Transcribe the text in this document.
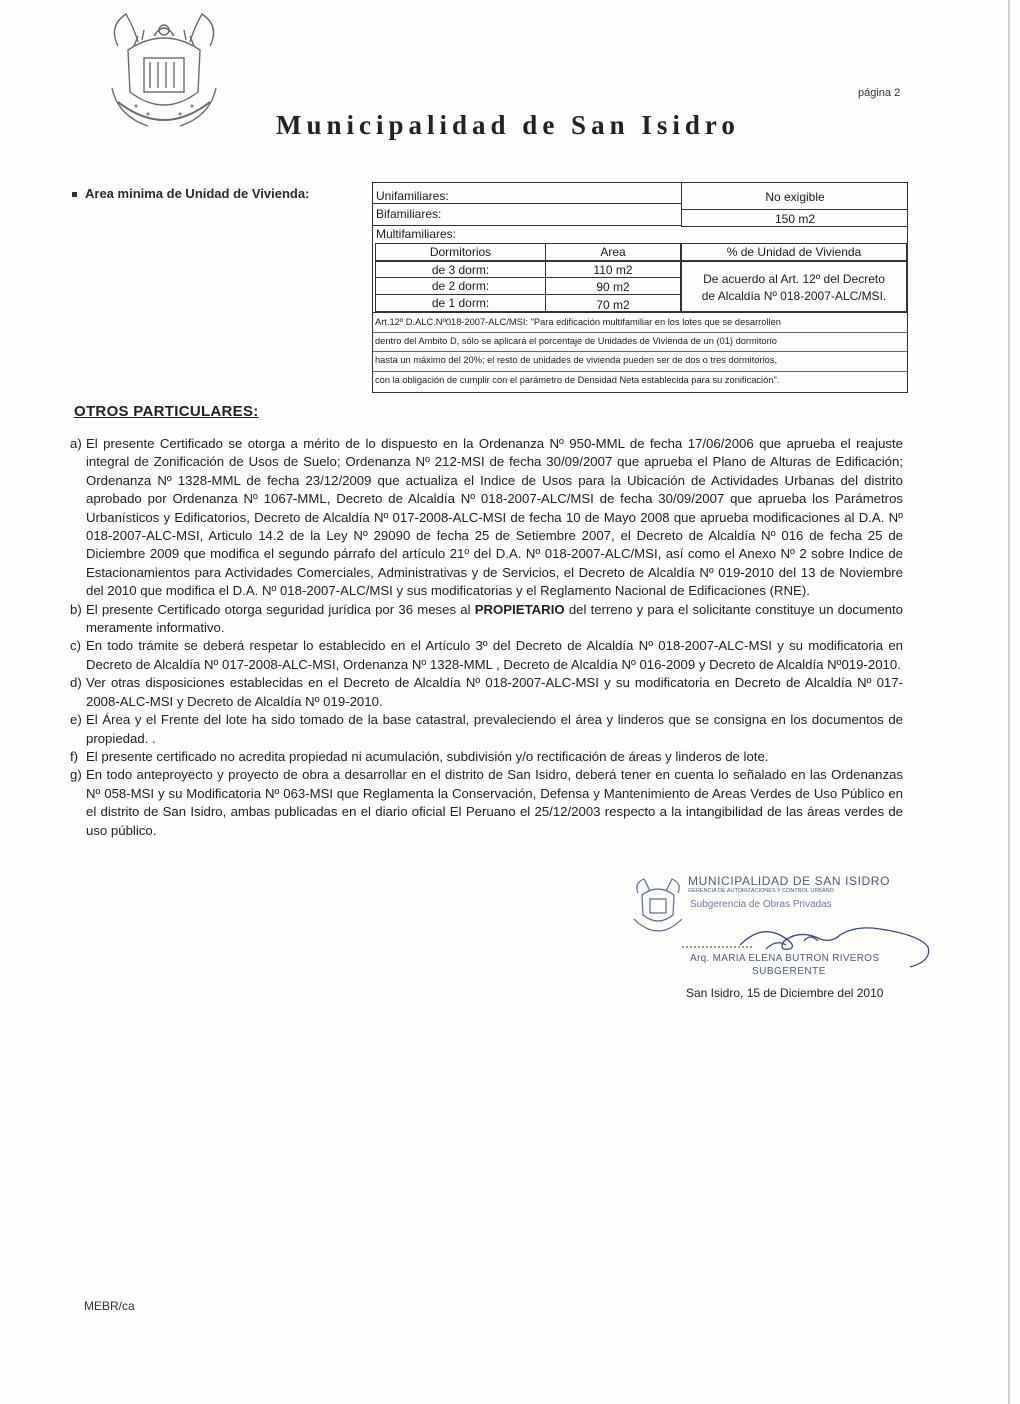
página 2
Municipalidad de San Isidro
Area minima de Unidad de Vivienda:	Unifamiliares:	No exigible
Bifamiliares:	150 m2
Multifamiliares:
Dormitorios	Area	% de Unidad de Vivienda
de 3 dorm:	110 m2
de 2 dorm:	90 m2
de 1 dorm:	70 m2
De acuerdo al Art. 12º del Decreto
de Alcaldía Nº 018-2007-ALC/MSI.
Art.12º D.ALC.Nº018-2007-ALC/MSI: "Para edificación multifamiliar en los lotes que se desarrollen
dentro del Ambito D, sólo se aplicará el porcentaje de Unidades de Vivienda de un (01) dormitorio
hasta un máximo del 20%; el resto de unidades de vivienda pueden ser de dos o tres dormitorios,
con la obligación de cumplir con el parámetro de Densidad Neta establecida para su zonificación".
OTROS PARTICULARES:
a) El presente Certificado se otorga a mérito de lo dispuesto en la Ordenanza Nº 950-MML de fecha 17/06/2006 que aprueba el reajuste integral de Zonificación de Usos de Suelo; Ordenanza Nº 212-MSI de fecha 30/09/2007 que aprueba el Plano de Alturas de Edificación; Ordenanza Nº 1328-MML de fecha 23/12/2009 que actualiza el Indice de Usos para la Ubicación de Actividades Urbanas del distrito aprobado por Ordenanza Nº 1067-MML, Decreto de Alcaldía Nº 018-2007-ALC/MSI de fecha 30/09/2007 que aprueba los Parámetros Urbanísticos y Edificatorios, Decreto de Alcaldía Nº 017-2008-ALC-MSI de fecha 10 de Mayo 2008 que aprueba modificaciones al D.A. Nº 018-2007-ALC-MSI, Articulo 14.2 de la Ley Nº 29090 de fecha 25 de Setiembre 2007, el Decreto de Alcaldía Nº 016 de fecha 25 de Diciembre 2009 que modifica el segundo párrafo del artículo 21º del D.A. Nº 018-2007-ALC/MSI, así como el Anexo Nº 2 sobre Indice de Estacionamientos para Actividades Comerciales, Administrativas y de Servicios, el Decreto de Alcaldía Nº 019-2010 del 13 de Noviembre del 2010 que modifica el D.A. Nº 018-2007-ALC/MSI y sus modificatorias y el Reglamento Nacional de Edificaciones (RNE).
b) El presente Certificado otorga seguridad jurídica por 36 meses al PROPIETARIO del terreno y para el solicitante constituye un documento meramente informativo.
c) En todo trámite se deberá respetar lo establecido en el Artículo 3º del Decreto de Alcaldía Nº 018-2007-ALC-MSI y su modificatoria en Decreto de Alcaldía Nº 017-2008-ALC-MSI, Ordenanza Nº 1328-MML , Decreto de Alcaldía Nº 016-2009 y Decreto de Alcaldía Nº019-2010.
d) Ver otras disposiciones establecidas en el Decreto de Alcaldía Nº 018-2007-ALC-MSI y su modificatoria en Decreto de Alcaldía Nº 017-2008-ALC-MSI y Decreto de Alcaldía Nº 019-2010.
e) El Área y el Frente del lote ha sido tomado de la base catastral, prevaleciendo el área y linderos que se consigna en los documentos de propiedad. .
f) El presente certificado no acredita propiedad ni acumulación, subdivisión y/o rectificación de áreas y linderos de lote.
g) En todo anteproyecto y proyecto de obra a desarrollar en el distrito de San Isidro, deberá tener en cuenta lo señalado en las Ordenanzas Nº 058-MSI y su Modificatoria Nº 063-MSI que Reglamenta la Conservación, Defensa y Mantenimiento de Areas Verdes de Uso Público en el distrito de San Isidro, ambas publicadas en el diario oficial El Peruano el 25/12/2003 respecto a la intangibilidad de las áreas verdes de uso público.
MUNICIPALIDAD DE SAN ISIDRO
GERENCIA DE AUTORIZACIONES Y CONTROL URBANO
Subgerencia de Obras Privadas
Arq. MARIA ELENA BUTRON RIVEROS
SUBGERENTE
San Isidro, 15 de Diciembre del 2010
MEBR/ca
